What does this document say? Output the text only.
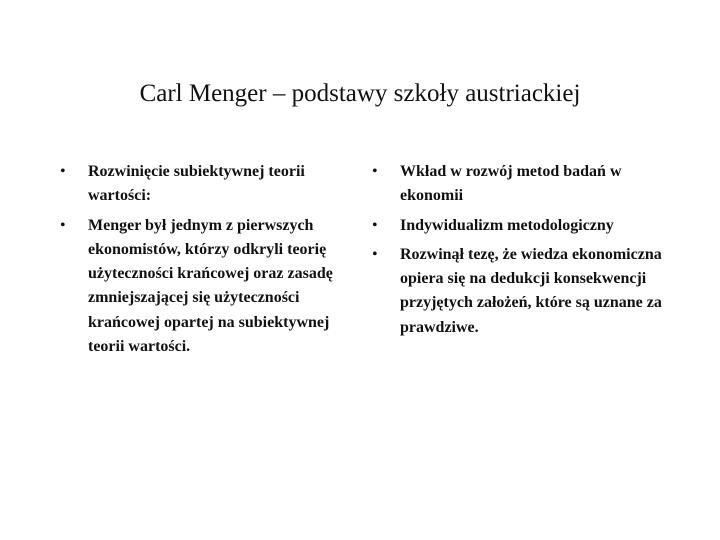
Carl Menger – podstawy szkoły austriackiej
•	Rozwinięcie subiektywnej teorii wartości:
•	Menger był jednym z pierwszych ekonomistów, którzy odkryli teorię użyteczności krańcowej oraz zasadę zmniejszającej się użyteczności krańcowej opartej na subiektywnej teorii wartości.
•	Wkład w rozwój metod badań w ekonomii
•	Indywidualizm metodologiczny
•	Rozwinął tezę, że wiedza ekonomiczna opiera się na dedukcji konsekwencji przyjętych założeń, które są uznane za prawdziwe.
